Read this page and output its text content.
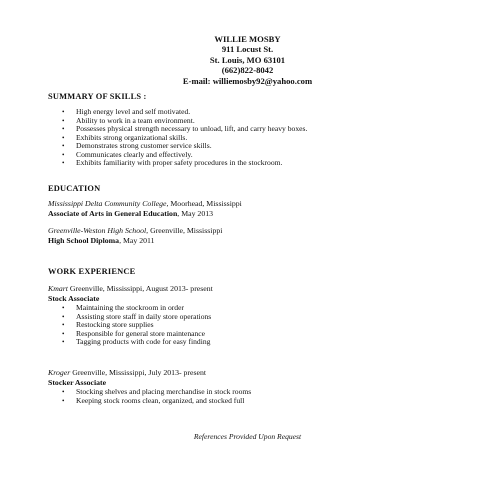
WILLIE MOSBY
911 Locust St.
St. Louis, MO 63101
(662)822-8042
E-mail: williemosby92@yahoo.com
SUMMARY OF SKILLS :
•	High energy level and self motivated.
•	Ability to work in a team environment.
•	Possesses physical strength necessary to unload, lift, and carry heavy boxes.
•	Exhibits strong organizational skills.
•	Demonstrates strong customer service skills.
•	Communicates clearly and effectively.
•	Exhibits familiarity with proper safety procedures in the stockroom.
EDUCATION
Mississippi Delta Community College, Moorhead, Mississippi
Associate of Arts in General Education, May 2013
Greenville-Weston High School, Greenville, Mississippi
High School Diploma, May 2011
WORK EXPERIENCE
Kmart Greenville, Mississippi, August 2013- present
Stock Associate
•	Maintaining the stockroom in order
•	Assisting store staff in daily store operations
•	Restocking store supplies
•	Responsible for general store maintenance
•	Tagging products with code for easy finding
Kroger Greenville, Mississippi, July 2013- present
Stocker Associate
•	Stocking shelves and placing merchandise in stock rooms
•	Keeping stock rooms clean, organized, and stocked full
References Provided Upon Request
